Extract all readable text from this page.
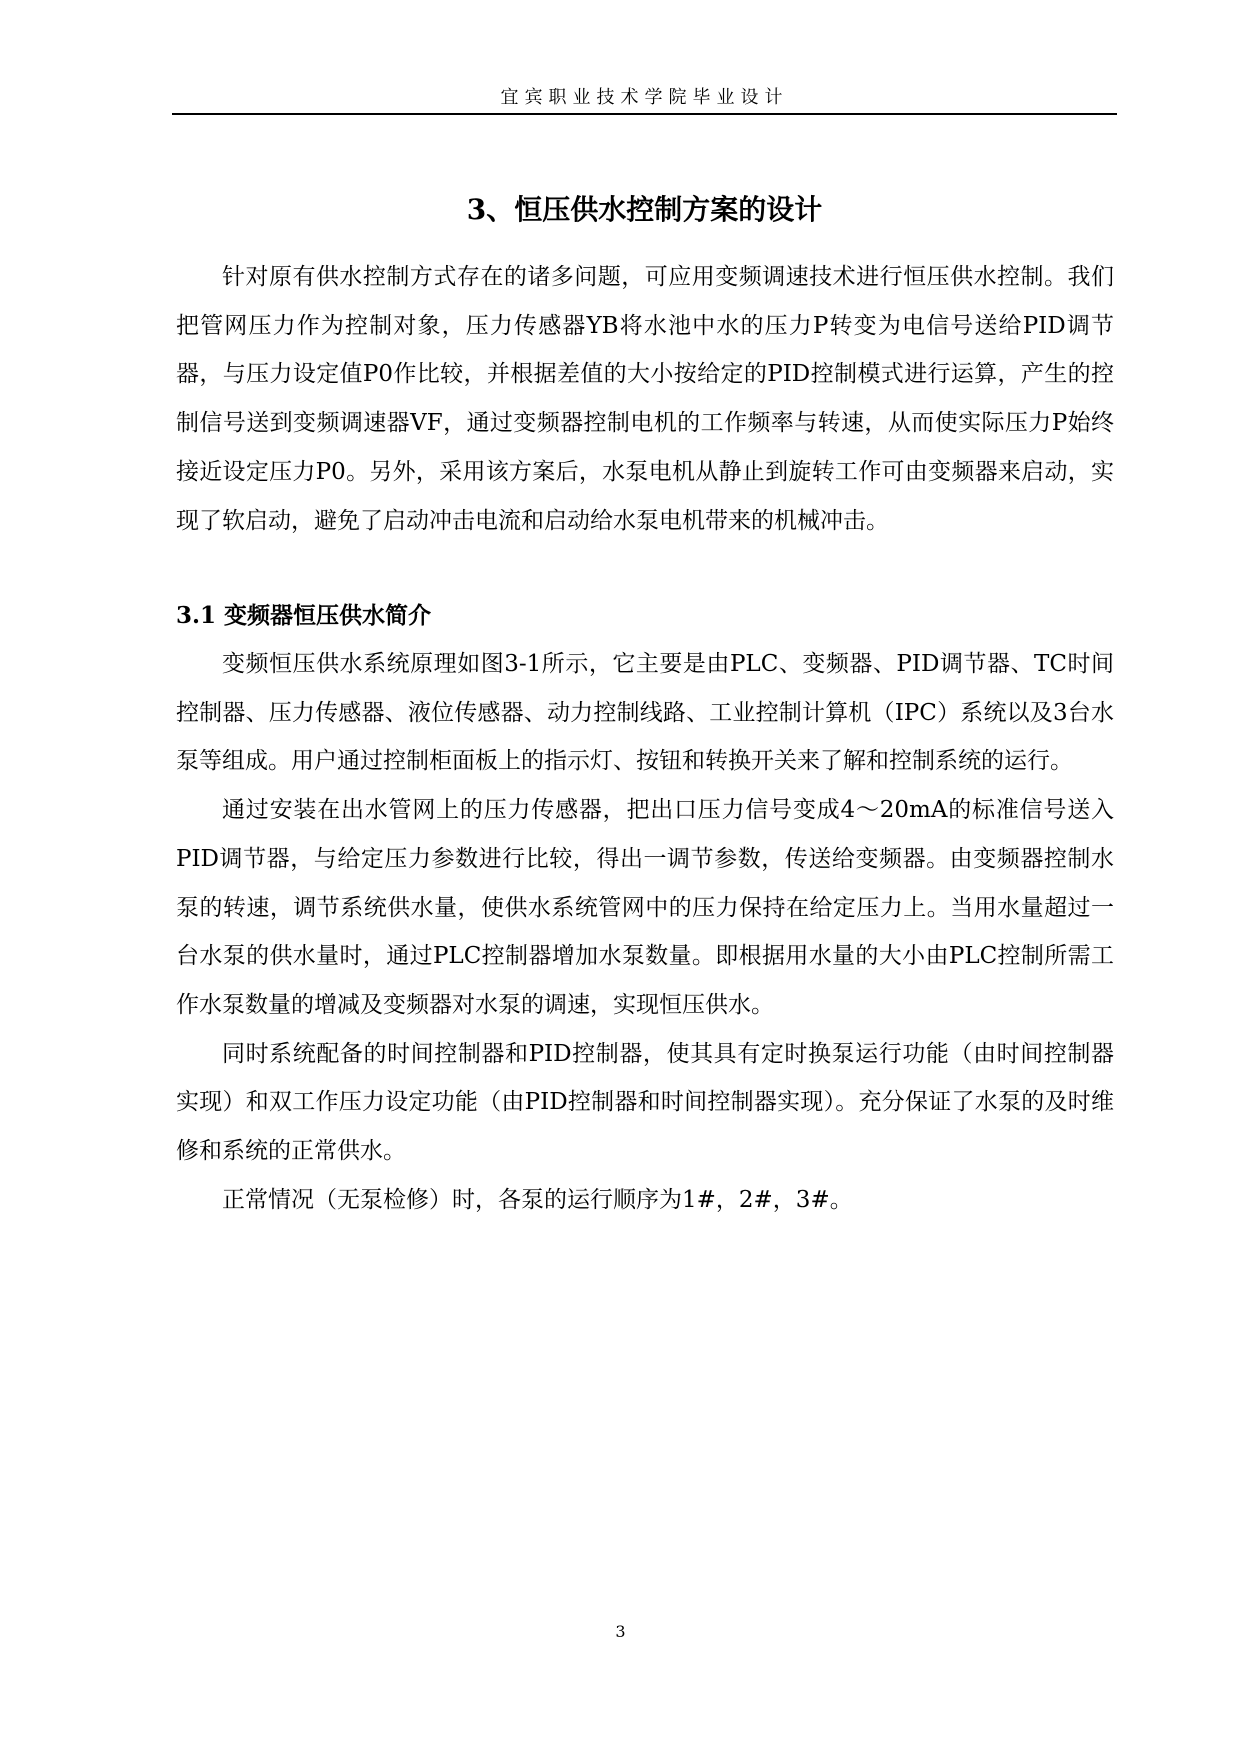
宜宾职业技术学院毕业设计
3、恒压供水控制方案的设计

针对原有供水控制方式存在的诸多问题，可应用变频调速技术进行恒压供水控制。我们把管网压力作为控制对象，压力传感器YB将水池中水的压力P转变为电信号送给PID调节器，与压力设定值P0作比较，并根据差值的大小按给定的PID控制模式进行运算，产生的控制信号送到变频调速器VF，通过变频器控制电机的工作频率与转速，从而使实际压力P始终接近设定压力P0。另外，采用该方案后，水泵电机从静止到旋转工作可由变频器来启动，实现了软启动，避免了启动冲击电流和启动给水泵电机带来的机械冲击。

3.1 变频器恒压供水简介

变频恒压供水系统原理如图3-1所示，它主要是由PLC、变频器、PID调节器、TC时间控制器、压力传感器、液位传感器、动力控制线路、工业控制计算机（IPC）系统以及3台水泵等组成。用户通过控制柜面板上的指示灯、按钮和转换开关来了解和控制系统的运行。

通过安装在出水管网上的压力传感器，把出口压力信号变成4～20mA的标准信号送入PID调节器，与给定压力参数进行比较，得出一调节参数，传送给变频器。由变频器控制水泵的转速，调节系统供水量，使供水系统管网中的压力保持在给定压力上。当用水量超过一台水泵的供水量时，通过PLC控制器增加水泵数量。即根据用水量的大小由PLC控制所需工作水泵数量的增减及变频器对水泵的调速，实现恒压供水。

同时系统配备的时间控制器和PID控制器，使其具有定时换泵运行功能（由时间控制器实现）和双工作压力设定功能（由PID控制器和时间控制器实现）。充分保证了水泵的及时维修和系统的正常供水。

正常情况（无泵检修）时，各泵的运行顺序为1#，2#，3#。

3
